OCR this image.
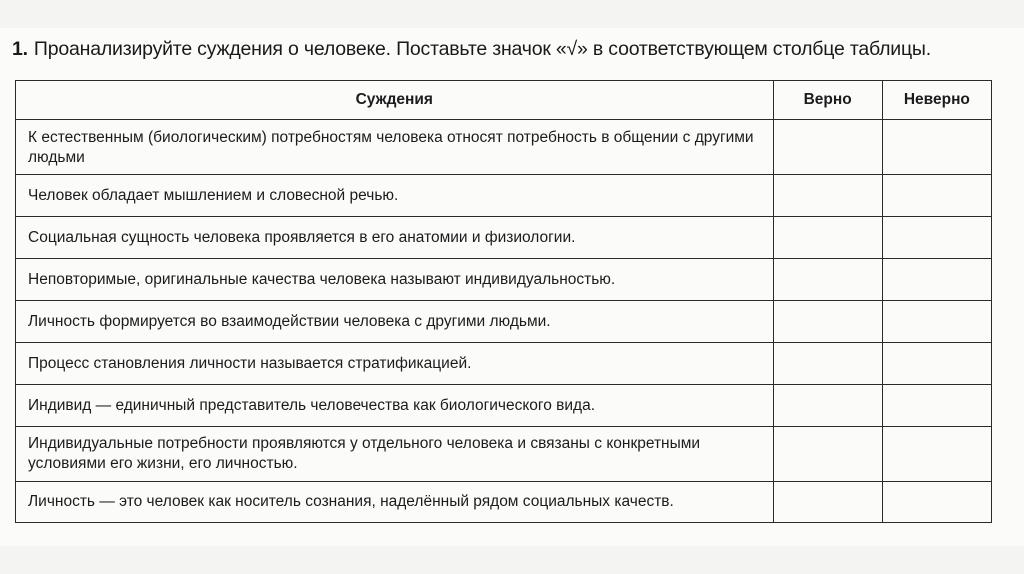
1. Проанализируйте суждения о человеке. Поставьте значок «√» в соответствующем столбце таблицы.
Суждения	Верно	Неверно
К естественным (биологическим) потребностям человека относят потребность в общении с другими людьми		
Человек обладает мышлением и словесной речью.		
Социальная сущность человека проявляется в его анатомии и физиологии.		
Неповторимые, оригинальные качества человека называют индивидуальностью.		
Личность формируется во взаимодействии человека с другими людьми.		
Процесс становления личности называется стратификацией.		
Индивид — единичный представитель человечества как биологического вида.		
Индивидуальные потребности проявляются у отдельного человека и связаны с конкретными условиями его жизни, его личностью.		
Личность — это человек как носитель сознания, наделённый рядом социальных качеств.		
